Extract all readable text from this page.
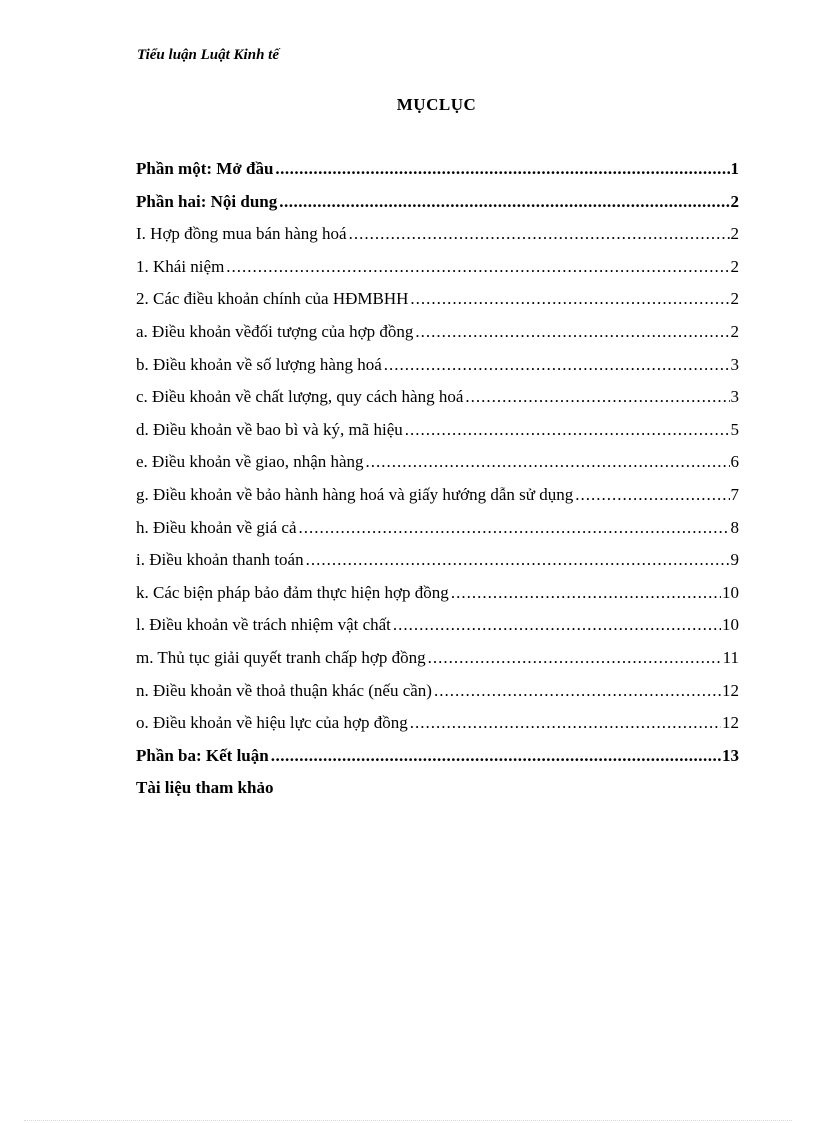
Tiểu luận Luật Kinh tế
MỤCLỤC
Phần một: Mở đầu .....	1
Phần hai: Nội dung .....	2
I. Hợp đồng mua bán hàng hoá .....	2
1. Khái niệm .....	2
2. Các điều khoản chính của HĐMBHH .....	2
a. Điều khoản vềđối tượng của hợp đồng .....	2
b. Điều khoản về số lượng hàng hoá .....	3
c. Điều khoản về chất lượng, quy cách hàng hoá .....	3
d. Điều khoản về bao bì và ký, mã hiệu .....	5
e. Điều khoản về giao, nhận hàng .....	6
g. Điều khoản về bảo hành hàng hoá và giấy hướng dẫn sử dụng .....	7
h. Điều khoản về giá cả .....	8
i. Điều khoản thanh toán .....	9
k. Các biện pháp bảo đảm thực hiện hợp đồng .....	10
l. Điều khoản về trách nhiệm vật chất .....	10
m. Thủ tục giải quyết tranh chấp hợp đồng .....	11
n. Điều khoản về thoả thuận khác (nếu cần) .....	12
o. Điều khoản về hiệu lực của hợp đồng .....	12
Phần ba: Kết luận .....	13
Tài liệu tham khảo
